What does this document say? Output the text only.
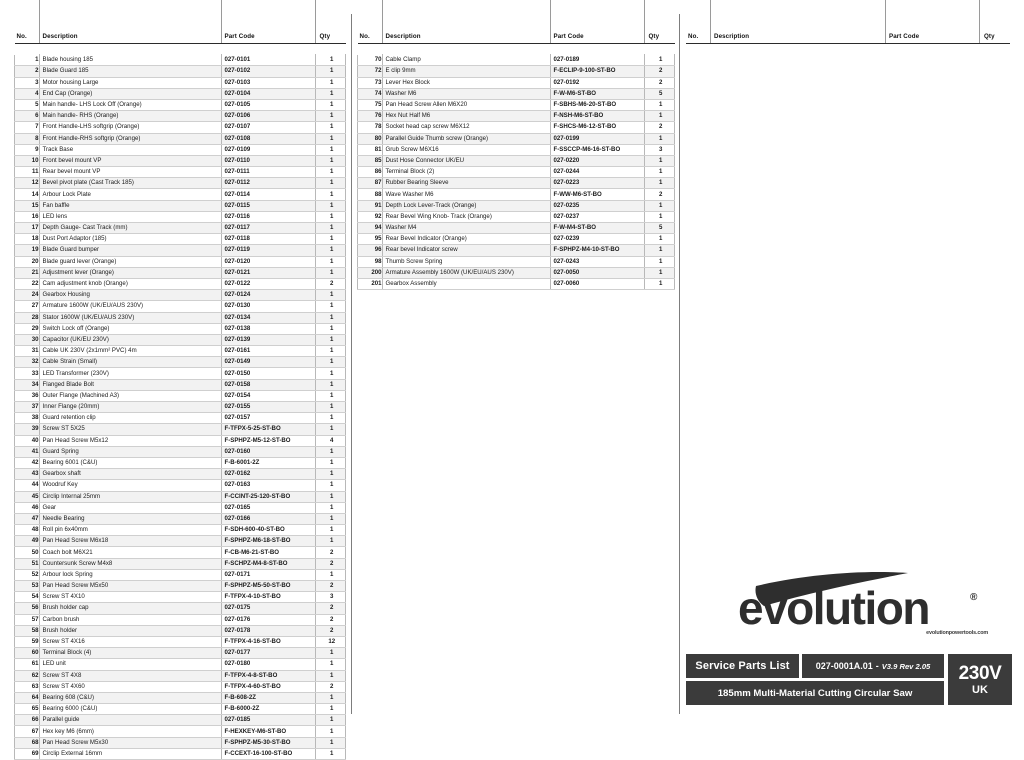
No.	Description	Part Code	Qty

1	Blade housing 185	027-0101	1
2	Blade Guard 185	027-0102	1
3	Motor housing Large	027-0103	1
4	End Cap (Orange)	027-0104	1
5	Main handle- LHS Lock Off (Orange)	027-0105	1
6	Main handle- RHS (Orange)	027-0106	1
7	Front Handle-LHS softgrip (Orange)	027-0107	1
8	Front Handle-RHS softgrip (Orange)	027-0108	1
9	Track Base	027-0109	1
10	Front bevel mount VP	027-0110	1
11	Rear bevel mount VP	027-0111	1
12	Bevel pivot plate (Cast Track 185)	027-0112	1
14	Arbour Lock Plate	027-0114	1
15	Fan baffle	027-0115	1
16	LED lens	027-0116	1
17	Depth Gauge- Cast Track (mm)	027-0117	1
18	Dust Port Adaptor (185)	027-0118	1
19	Blade Guard bumper	027-0119	1
20	Blade guard lever (Orange)	027-0120	1
21	Adjustment lever (Orange)	027-0121	1
22	Cam adjustment knob (Orange)	027-0122	2
24	Gearbox Housing	027-0124	1
27	Armature 1600W (UK/EU/AUS 230V)	027-0130	1
28	Stator 1600W (UK/EU/AUS 230V)	027-0134	1
29	Switch Lock off (Orange)	027-0138	1
30	Capacitor (UK/EU 230V)	027-0139	1
31	Cable UK 230V (2x1mm² PVC) 4m	027-0161	1
32	Cable Strain (Small)	027-0149	1
33	LED Transformer (230V)	027-0150	1
34	Flanged Blade Bolt	027-0158	1
36	Outer Flange (Machined A3)	027-0154	1
37	Inner Flange (20mm)	027-0155	1
38	Guard retention clip	027-0157	1
39	Screw ST 5X25	F-TFPX-5-25-ST-BO	1
40	Pan Head Screw M5x12	F-SPHPZ-M5-12-ST-BO	4
41	Guard Spring	027-0160	1
42	Bearing 6001 (C&U)	F-B-6001-2Z	1
43	Gearbox shaft	027-0162	1
44	Woodruf Key	027-0163	1
45	Circlip Internal 25mm	F-CCINT-25-120-ST-BO	1
46	Gear	027-0165	1
47	Needle Bearing	027-0166	1
48	Roll pin 6x40mm	F-SDH-600-40-ST-BO	1
49	Pan Head Screw M6x18	F-SPHPZ-M6-18-ST-BO	1
50	Coach bolt M6X21	F-CB-M6-21-ST-BO	2
51	Countersunk Screw M4x8	F-SCHPZ-M4-8-ST-BO	2
52	Arbour lock Spring	027-0171	1
53	Pan Head Screw M5x50	F-SPHPZ-M5-50-ST-BO	2
54	Screw ST 4X10	F-TFPX-4-10-ST-BO	3
56	Brush holder cap	027-0175	2
57	Carbon brush	027-0176	2
58	Brush holder	027-0178	2
59	Screw ST 4X16	F-TFPX-4-16-ST-BO	12
60	Terminal Block (4)	027-0177	1
61	LED unit	027-0180	1
62	Screw ST 4X8	F-TFPX-4-8-ST-BO	1
63	Screw ST 4X60	F-TFPX-4-60-ST-BO	2
64	Bearing 608 (C&U)	F-B-608-2Z	1
65	Bearing 6000 (C&U)	F-B-6000-2Z	1
66	Parallel guide	027-0185	1
67	Hex key M6 (6mm)	F-HEXKEY-M6-ST-BO	1
68	Pan Head Screw M5x30	F-SPHPZ-M5-30-ST-BO	1
69	Circlip External 16mm	F-CCEXT-16-100-ST-BO	1
No.	Description	Part Code	Qty

70	Cable Clamp	027-0189	1
72	E clip 9mm	F-ECLIP-9-100-ST-BO	2
73	Lever Hex Block	027-0192	2
74	Washer M6	F-W-M6-ST-BO	5
75	Pan Head Screw Allen M6X20	F-SBHS-M6-20-ST-BO	1
76	Hex Nut Half M6	F-NSH-M6-ST-BO	1
78	Socket head cap screw M6X12	F-SHCS-M6-12-ST-BO	2
80	Parallel Guide Thumb screw (Orange)	027-0199	1
81	Grub Screw M6X16	F-SSCCP-M6-16-ST-BO	3
85	Dust Hose Connector UK/EU	027-0220	1
86	Terminal Block (2)	027-0244	1
87	Rubber Bearing Sleeve	027-0223	1
88	Wave Washer M6	F-WW-M6-ST-BO	2
91	Depth Lock Lever-Track (Orange)	027-0235	1
92	Rear Bevel Wing Knob- Track (Orange)	027-0237	1
94	Washer M4	F-W-M4-ST-BO	5
95	Rear Bevel Indicator (Orange)	027-0239	1
96	Rear bevel Indicator screw	F-SPHPZ-M4-10-ST-BO	1
98	Thumb Screw Spring	027-0243	1
200	Armature Assembly 1600W (UK/EU/AUS 230V)	027-0050	1
201	Gearbox Assembly	027-0060	1
No.	Description	Part Code	Qty

evolution	®
evolutionpowertools.com
Service Parts List	027-0001A.01 - V3.9 Rev 2.05
185mm Multi-Material Cutting Circular Saw
230V
UK
